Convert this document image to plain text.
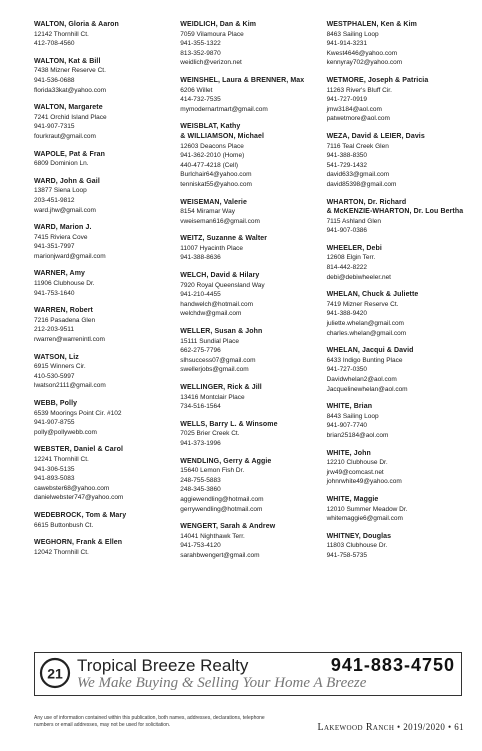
WALTON, Gloria & Aaron
12142 Thornhill Ct.
412-708-4560
WALTON, Kat & Bill
7438 Mizner Reserve Ct.
941-536-0688
florida33kat@yahoo.com
WALTON, Margarete
7241 Orchid Island Place
941-907-7315
fourkraut@gmail.com
WAPOLE, Pat & Fran
6809 Dominion Ln.
WARD, John & Gail
13877 Siena Loop
203-451-9812
ward.jhw@gmail.com
WARD, Marion J.
7415 Riviera Cove
941-351-7997
marionjward@gmail.com
WARNER, Amy
11906 Clubhouse Dr.
941-753-1640
WARREN, Robert
7216 Pasadena Glen
212-203-9511
rwarren@warrenintl.com
WATSON, Liz
6915 Winners Cir.
410-530-5997
lwatson2111@gmail.com
WEBB, Polly
6539 Moorings Point Cir. #102
941-907-8755
polly@pollywebb.com
WEBSTER, Daniel & Carol
12241 Thornhill Ct.
941-306-5135
941-893-5083
cawebster68@yahoo.com
danielwebster747@yahoo.com
WEDEBROCK, Tom & Mary
6615 Buttonbush Ct.
WEGHORN, Frank & Ellen
12042 Thornhill Ct.
WEIDLICH, Dan & Kim
7059 Vilamoura Place
941-355-1322
813-352-9870
weidlich@verizon.net
WEINSHEL, Laura & BRENNER, Max
6206 Willet
414-732-7535
mymodernartmart@gmail.com
WEISBLAT, Kathy
& WILLIAMSON, Michael
12603 Deacons Place
941-362-2010 (Home)
440-477-4218 (Cell)
Burlchair64@yahoo.com
tenniskat55@yahoo.com
WEISEMAN, Valerie
8154 Miramar Way
vweiseman616@gmail.com
WEITZ, Suzanne & Walter
11007 Hyacinth Place
941-388-8636
WELCH, David & Hilary
7920 Royal Queensland Way
941-210-4455
handwelch@hotmail.com
welchdw@gmail.com
WELLER, Susan & John
15111 Sundial Place
662-275-7796
slhsuccess07@gmail.com
swellerjobs@gmail.com
WELLINGER, Rick & Jill
13416 Montclair Place
734-516-1564
WELLS, Barry L. & Winsome
7025 Brier Creek Ct.
941-373-1996
WENDLING, Gerry & Aggie
15640 Lemon Fish Dr.
248-755-5883
248-345-3860
aggiewendling@hotmail.com
gerrywendling@hotmail.com
WENGERT, Sarah & Andrew
14041 Nighthawk Terr.
941-753-4120
sarahbwengert@gmail.com
WESTPHALEN, Ken & Kim
8463 Sailing Loop
941-914-3231
Kwest4646@yahoo.com
kennyray702@yahoo.com
WETMORE, Joseph & Patricia
11263 River's Bluff Cir.
941-727-0919
jmw3184@aol.com
patwetmore@aol.com
WEZA, David & LEIER, Davis
7116 Teal Creek Glen
941-388-8350
541-729-1432
david633@gmail.com
david85398@gmail.com
WHARTON, Dr. Richard
& McKENZIE-WHARTON, Dr. Lou Bertha
7115 Ashland Glen
941-907-0386
WHEELER, Debi
12608 Elgin Terr.
814-442-8222
debi@debiwheeler.net
WHELAN, Chuck & Juliette
7419 Mizner Reserve Ct.
941-388-9420
juliette.whelan@gmail.com
charles.whelan@gmail.com
WHELAN, Jacqui & David
6433 Indigo Bunting Place
941-727-0350
Davidwhelan2@aol.com
Jacquelinewhelan@aol.com
WHITE, Brian
8443 Sailing Loop
941-907-7740
brian25184@aol.com
WHITE, John
12210 Clubhouse Dr.
jrw49@comcast.net
johnrwhite49@yahoo.com
WHITE, Maggie
12010 Summer Meadow Dr.
whitemaggie6@gmail.com
WHITNEY, Douglas
11803 Clubhouse Dr.
941-758-5735
21 Tropical Breeze Realty	941-883-4750
We Make Buying & Selling Your Home A Breeze
Any use of information contained within this publication, both names, addresses, declarations, telephone numbers or email addresses, may not be used for solicitation.	Lakewood Ranch • 2019/2020 • 61
